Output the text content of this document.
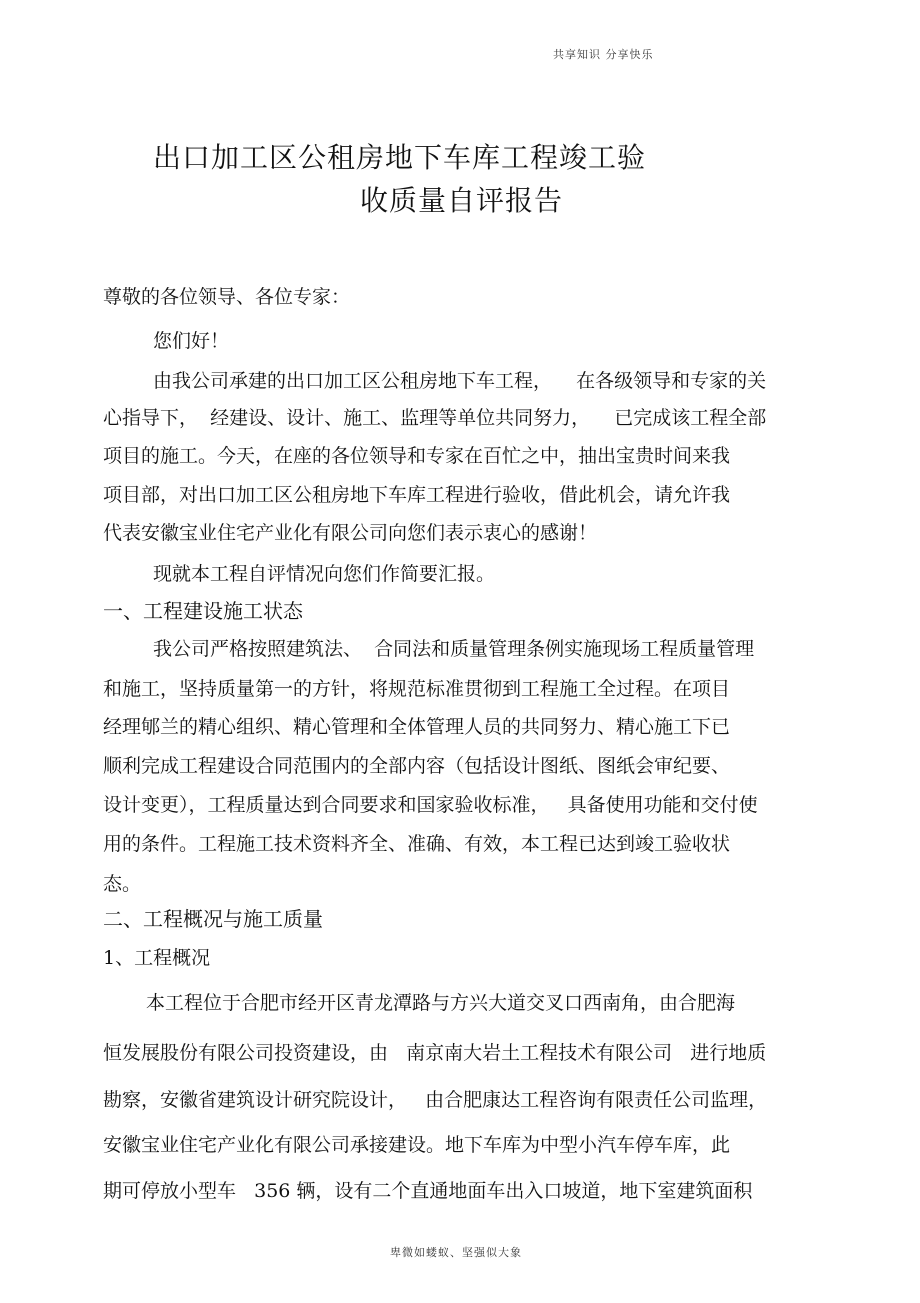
共享知识 分享快乐
出口加工区公租房地下车库工程竣工验
收质量自评报告
尊敬的各位领导、各位专家：
您们好！
由我公司承建的出口加工区公租房地下车工程，    在各级领导和专家的关
心指导下，  经建设、设计、施工、监理等单位共同努力，    已完成该工程全部
项目的施工。今天，在座的各位领导和专家在百忙之中，抽出宝贵时间来我
项目部，对出口加工区公租房地下车库工程进行验收，借此机会，请允许我
代表安徽宝业住宅产业化有限公司向您们表示衷心的感谢！
现就本工程自评情况向您们作简要汇报。
一、工程建设施工状态
我公司严格按照建筑法、  合同法和质量管理条例实施现场工程质量管理
和施工，坚持质量第一的方针，将规范标准贯彻到工程施工全过程。在项目
经理郇兰的精心组织、精心管理和全体管理人员的共同努力、精心施工下已
顺利完成工程建设合同范围内的全部内容（包括设计图纸、图纸会审纪要、
设计变更），工程质量达到合同要求和国家验收标准，   具备使用功能和交付使
用的条件。工程施工技术资料齐全、准确、有效，本工程已达到竣工验收状
态。
二、工程概况与施工质量
1、工程概况
本工程位于合肥市经开区青龙潭路与方兴大道交叉口西南角，由合肥海
恒发展股份有限公司投资建设，由   南京南大岩土工程技术有限公司   进行地质
勘察，安徽省建筑设计研究院设计，   由合肥康达工程咨询有限责任公司监理，
安徽宝业住宅产业化有限公司承接建设。地下车库为中型小汽车停车库，此
期可停放小型车   356 辆，设有二个直通地面车出入口坡道，地下室建筑面积
卑微如蝼蚁、坚强似大象
